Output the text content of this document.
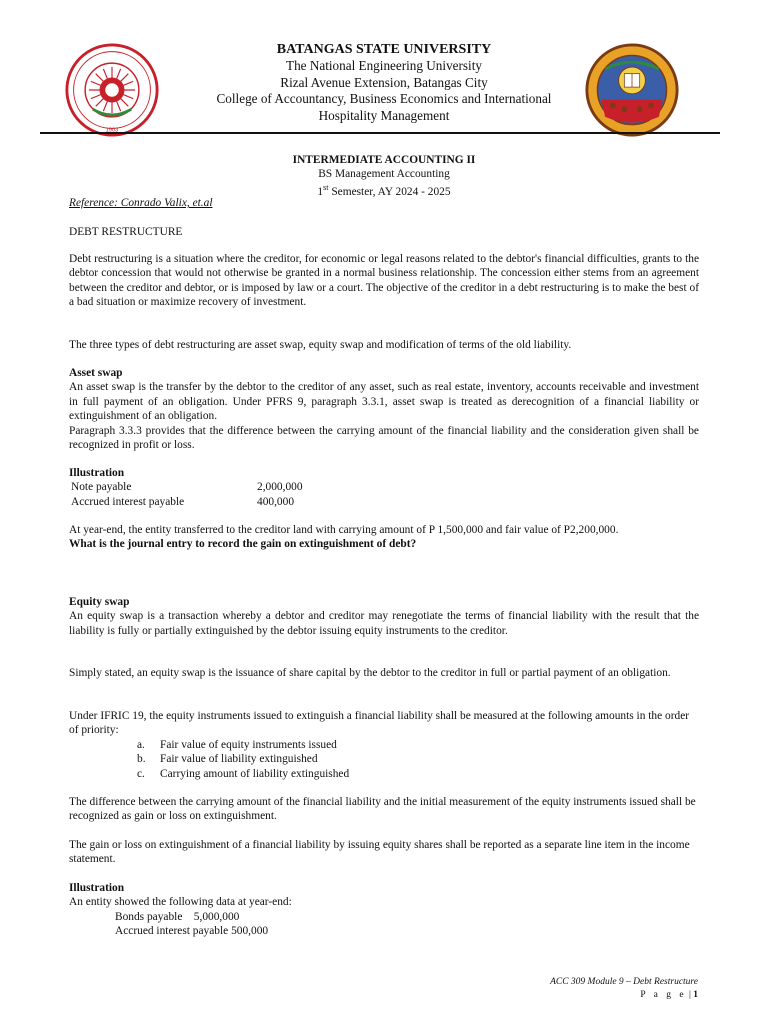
1903
BATANGAS STATE UNIVERSITY
The National Engineering University
Rizal Avenue Extension, Batangas City
College of Accountancy, Business Economics and International
Hospitality Management
INTERMEDIATE ACCOUNTING II
BS Management Accounting
1st Semester, AY 2024 - 2025

Reference: Conrado Valix, et.al

DEBT RESTRUCTURE

Debt restructuring is a situation where the creditor, for economic or legal reasons related to the debtor's financial difficulties, grants to the debtor concession that would not otherwise be granted in a normal business relationship. The concession either stems from an agreement between the creditor and debtor, or is imposed by law or a court. The objective of the creditor in a debt restructuring is to make the best of a bad situation or maximize recovery of investment.

The three types of debt restructuring are asset swap, equity swap and modification of terms of the old liability.

Asset swap

An asset swap is the transfer by the debtor to the creditor of any asset, such as real estate, inventory, accounts receivable and investment in full payment of an obligation. Under PFRS 9, paragraph 3.3.1, asset swap is treated as derecognition of a financial liability or extinguishment of an obligation.

Paragraph 3.3.3 provides that the difference between the carrying amount of the financial liability and the consideration given shall be recognized in profit or loss.

Illustration

Note payable	2,000,000
Accrued interest payable	400,000

At year-end, the entity transferred to the creditor land with carrying amount of P 1,500,000 and fair value of P2,200,000.

What is the journal entry to record the gain on extinguishment of debt?

Equity swap

An equity swap is a transaction whereby a debtor and creditor may renegotiate the terms of financial liability with the result that the liability is fully or partially extinguished by the debtor issuing equity instruments to the creditor.

Simply stated, an equity swap is the issuance of share capital by the debtor to the creditor in full or partial payment of an obligation.

Under IFRIC 19, the equity instruments issued to extinguish a financial liability shall be measured at the following amounts in the order of priority:

a.	Fair value of equity instruments issued
b.	Fair value of liability extinguished
c.	Carrying amount of liability extinguished

The difference between the carrying amount of the financial liability and the initial measurement of the equity instruments issued shall be recognized as gain or loss on extinguishment.

The gain or loss on extinguishment of a financial liability by issuing equity shares shall be reported as a separate line item in the income statement.

Illustration

An entity showed the following data at year-end:

Bonds payable    5,000,000

Accrued interest payable 500,000

ACC 309 Module 9 – Debt Restructure
P a g e | 1
